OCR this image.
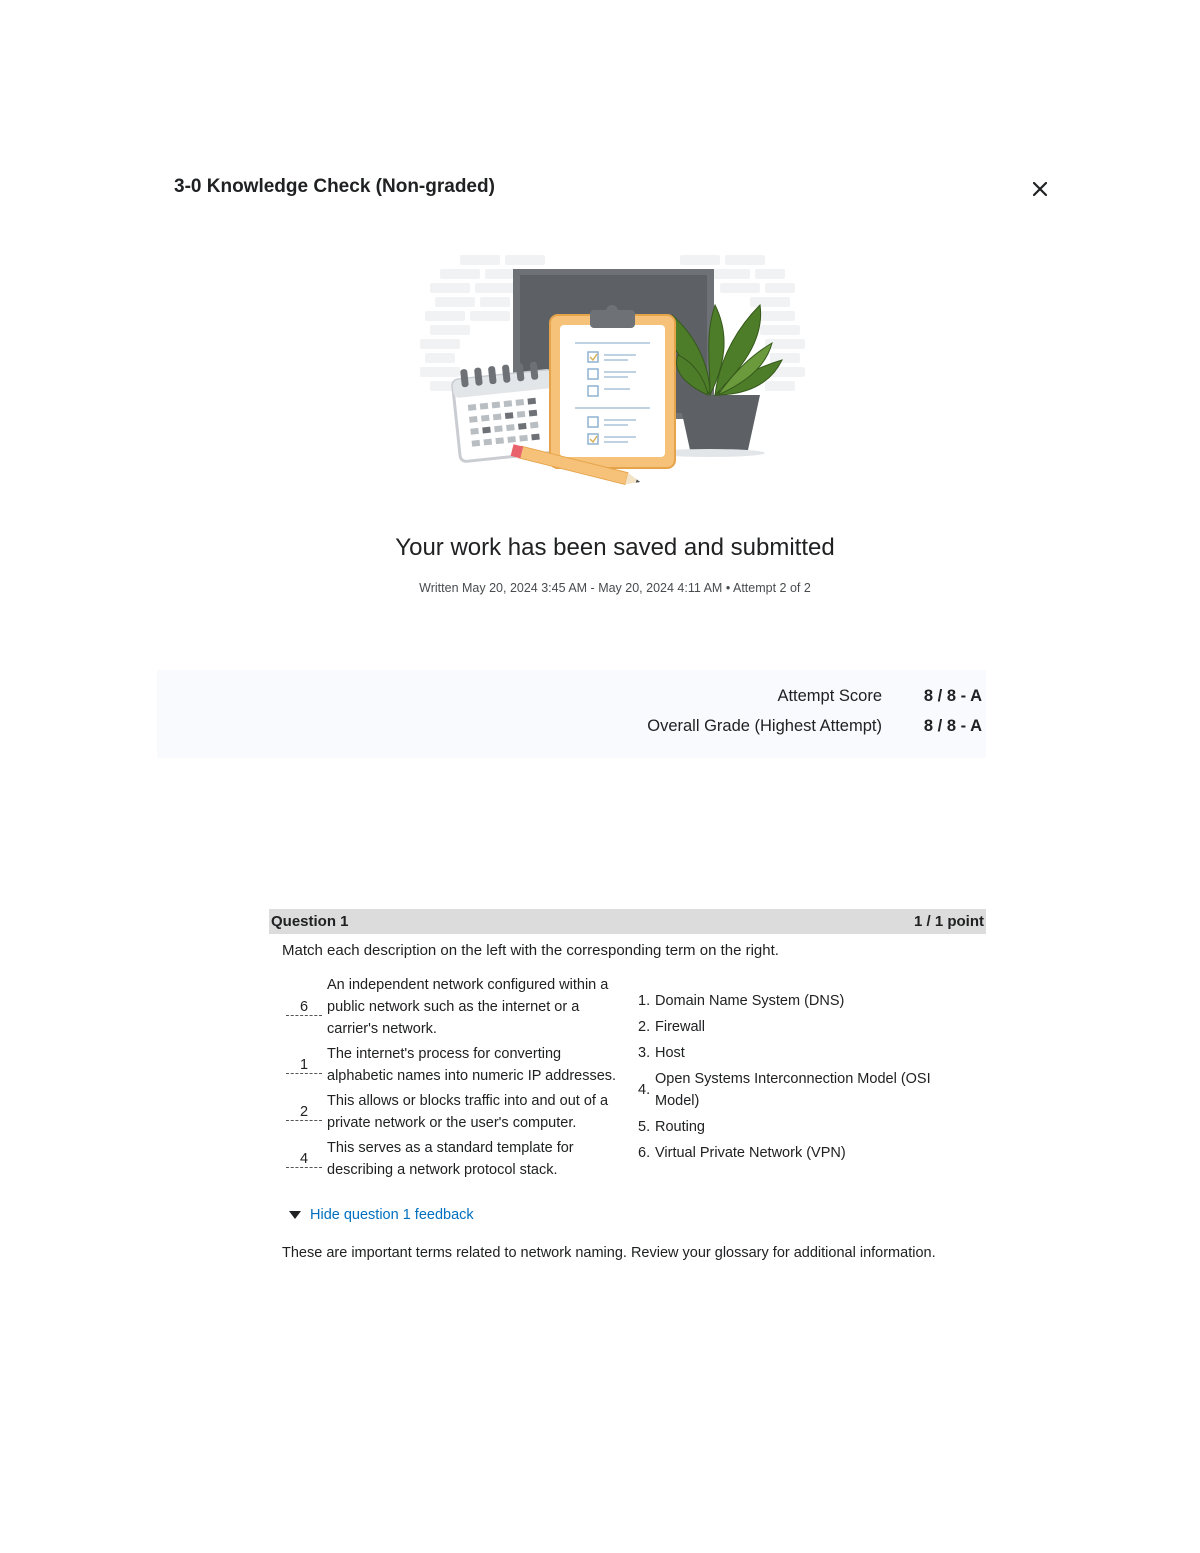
3-0 Knowledge Check (Non-graded)
Your work has been saved and submitted
Written May 20, 2024 3:45 AM - May 20, 2024 4:11 AM • Attempt 2 of 2
Attempt Score	8 / 8 - A
Overall Grade (Highest Attempt)	8 / 8 - A
Question 1	1 / 1 point
Match each description on the left with the corresponding term on the right.
6
An independent network configured within a public network such as the internet or a carrier's network.
1
The internet's process for converting alphabetic names into numeric IP addresses.
2
This allows or blocks traffic into and out of a private network or the user's computer.
4
This serves as a standard template for describing a network protocol stack.
1. Domain Name System (DNS)
2. Firewall
3. Host
4.
Open Systems Interconnection Model (OSI Model)
5. Routing
6. Virtual Private Network (VPN)
Hide question 1 feedback
These are important terms related to network naming. Review your glossary for additional information.
